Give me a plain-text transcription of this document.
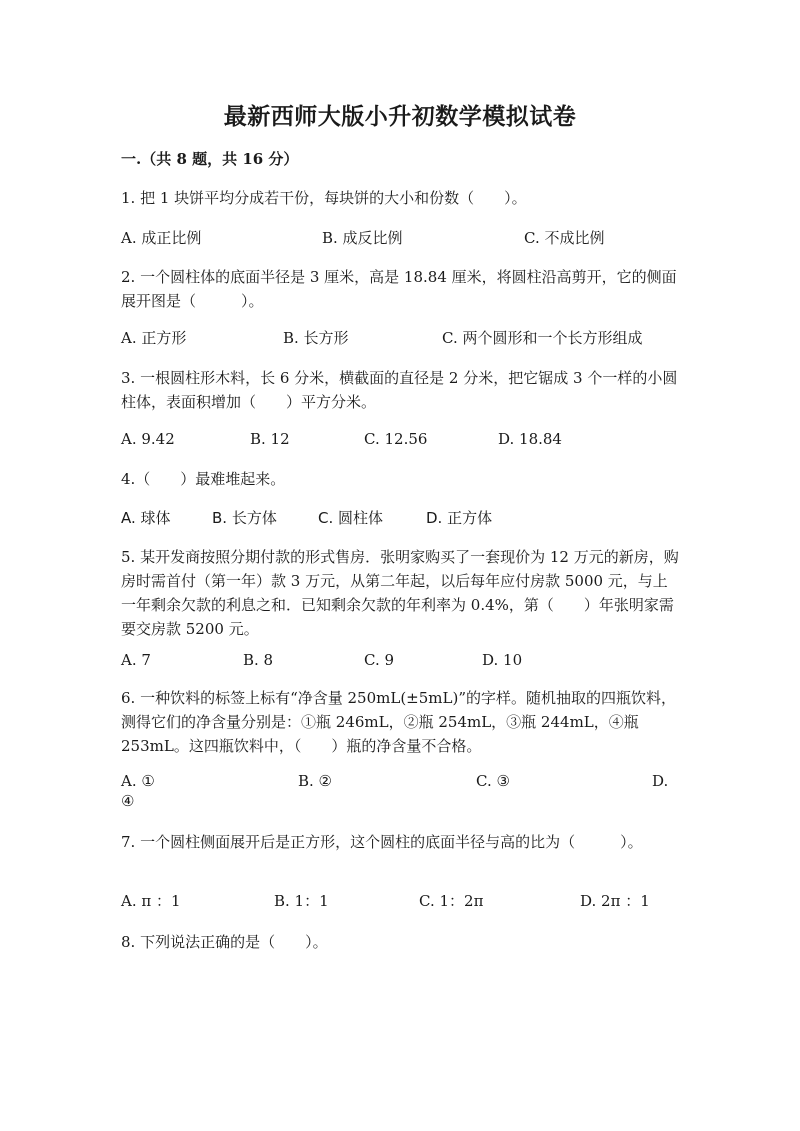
最新西师大版小升初数学模拟试卷
一.（共 8 题，共 16 分）
1. 把 1 块饼平均分成若干份，每块饼的大小和份数（　　）。
A. 成正比例	B. 成反比例	C. 不成比例
2. 一个圆柱体的底面半径是 3 厘米，高是 18.84 厘米，将圆柱沿高剪开，它的侧面展开图是（　　　）。
A. 正方形	B. 长方形	C. 两个圆形和一个长方形组成
3. 一根圆柱形木料，长 6 分米，横截面的直径是 2 分米，把它锯成 3 个一样的小圆柱体，表面积增加（　　）平方分米。
A. 9.42	B. 12	C. 12.56	D. 18.84
4.（　　）最难堆起来。
A. 球体	B. 长方体	C. 圆柱体	D. 正方体
5. 某开发商按照分期付款的形式售房．张明家购买了一套现价为 12 万元的新房，购房时需首付（第一年）款 3 万元，从第二年起，以后每年应付房款 5000 元，与上一年剩余欠款的利息之和．已知剩余欠款的年利率为 0.4%，第（　　）年张明家需要交房款 5200 元。
A. 7	B. 8	C. 9	D. 10
6. 一种饮料的标签上标有“净含量 250mL(±5mL)”的字样。随机抽取的四瓶饮料，测得它们的净含量分别是：①瓶 246mL，②瓶 254mL，③瓶 244mL，④瓶 253mL。这四瓶饮料中，（　　）瓶的净含量不合格。
A. ①	B. ②	C. ③	D.
④
7. 一个圆柱侧面展开后是正方形，这个圆柱的底面半径与高的比为（　　　）。
A. π ：1	B. 1：1	C. 1：2π	D. 2π ：1
8. 下列说法正确的是（　　）。
